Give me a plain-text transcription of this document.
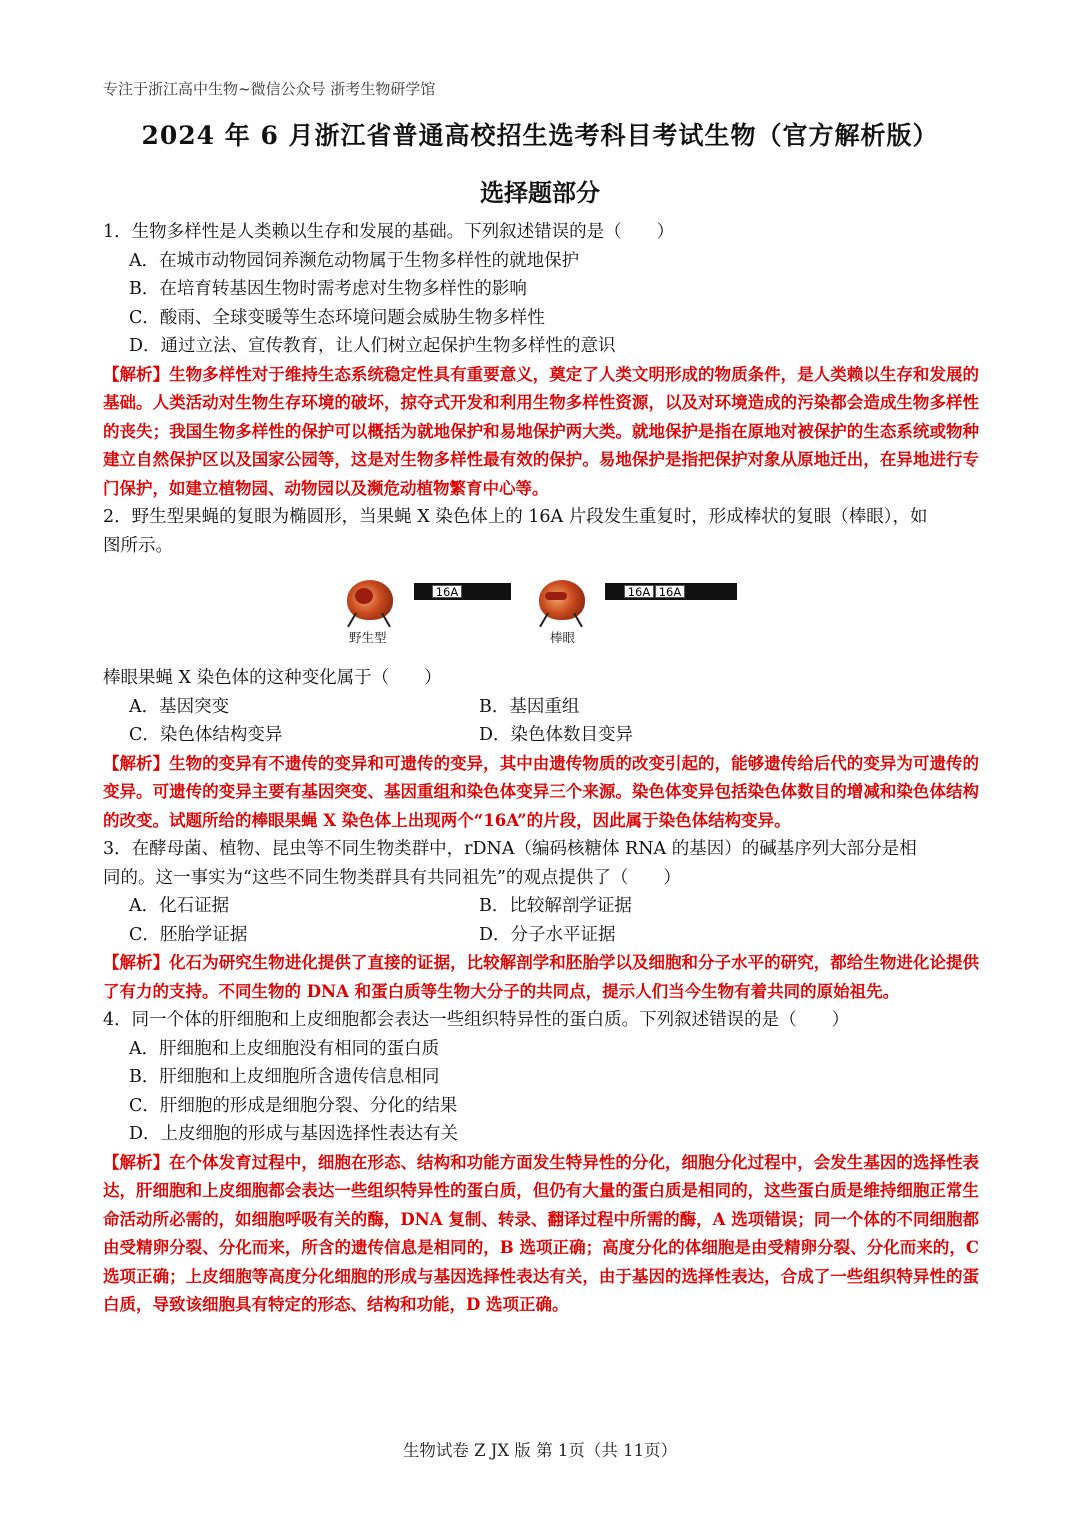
专注于浙江高中生物~微信公众号 浙考生物研学馆
2024 年 6 月浙江省普通高校招生选考科目考试生物（官方解析版）
选择题部分
1．生物多样性是人类赖以生存和发展的基础。下列叙述错误的是（　　）
A．在城市动物园饲养濒危动物属于生物多样性的就地保护
B．在培育转基因生物时需考虑对生物多样性的影响
C．酸雨、全球变暖等生态环境问题会威胁生物多样性
D．通过立法、宣传教育，让人们树立起保护生物多样性的意识
【解析】生物多样性对于维持生态系统稳定性具有重要意义，奠定了人类文明形成的物质条件，是人类赖以生存和发展的基础。人类活动对生物生存环境的破坏，掠夺式开发和利用生物多样性资源，以及对环境造成的污染都会造成生物多样性的丧失；我国生物多样性的保护可以概括为就地保护和易地保护两大类。就地保护是指在原地对被保护的生态系统或物种建立自然保护区以及国家公园等，这是对生物多样性最有效的保护。易地保护是指把保护对象从原地迁出，在异地进行专门保护，如建立植物园、动物园以及濒危动植物繁育中心等。
2．野生型果蝇的复眼为椭圆形，当果蝇 X 染色体上的 16A 片段发生重复时，形成棒状的复眼（棒眼），如
图所示。
16A
野生型
16A 16A
棒眼
棒眼果蝇 X 染色体的这种变化属于（　　）
A．基因突变	B．基因重组
C．染色体结构变异	D．染色体数目变异
【解析】生物的变异有不遗传的变异和可遗传的变异，其中由遗传物质的改变引起的，能够遗传给后代的变异为可遗传的变异。可遗传的变异主要有基因突变、基因重组和染色体变异三个来源。染色体变异包括染色体数目的增减和染色体结构的改变。试题所给的棒眼果蝇 X 染色体上出现两个“16A”的片段，因此属于染色体结构变异。
3．在酵母菌、植物、昆虫等不同生物类群中，rDNA（编码核糖体 RNA 的基因）的碱基序列大部分是相
同的。这一事实为“这些不同生物类群具有共同祖先”的观点提供了（　　）
A．化石证据	B．比较解剖学证据
C．胚胎学证据	D．分子水平证据
【解析】化石为研究生物进化提供了直接的证据，比较解剖学和胚胎学以及细胞和分子水平的研究，都给生物进化论提供了有力的支持。不同生物的 DNA 和蛋白质等生物大分子的共同点，提示人们当今生物有着共同的原始祖先。
4．同一个体的肝细胞和上皮细胞都会表达一些组织特异性的蛋白质。下列叙述错误的是（　　）
A．肝细胞和上皮细胞没有相同的蛋白质
B．肝细胞和上皮细胞所含遗传信息相同
C．肝细胞的形成是细胞分裂、分化的结果
D．上皮细胞的形成与基因选择性表达有关
【解析】在个体发育过程中，细胞在形态、结构和功能方面发生特异性的分化，细胞分化过程中，会发生基因的选择性表达，肝细胞和上皮细胞都会表达一些组织特异性的蛋白质，但仍有大量的蛋白质是相同的，这些蛋白质是维持细胞正常生命活动所必需的，如细胞呼吸有关的酶，DNA 复制、转录、翻译过程中所需的酶，A 选项错误；同一个体的不同细胞都由受精卵分裂、分化而来，所含的遗传信息是相同的，B 选项正确；高度分化的体细胞是由受精卵分裂、分化而来的，C 选项正确；上皮细胞等高度分化细胞的形成与基因选择性表达有关，由于基因的选择性表达，合成了一些组织特异性的蛋白质，导致该细胞具有特定的形态、结构和功能，D 选项正确。
生物试卷 Z JX 版 第 1页（共 11页）
